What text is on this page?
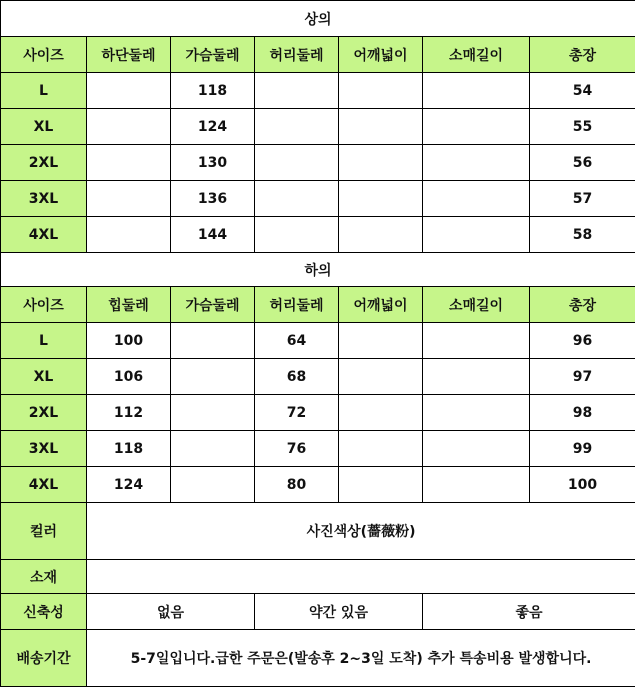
상의						
사이즈	하단둘레	가슴둘레	허리둘레	어깨넓이	소매길이	총장
L		118				54
XL		124				55
2XL		130				56
3XL		136				57
4XL		144				58
하의						
사이즈	힙둘레	가슴둘레	허리둘레	어깨넓이	소매길이	총장
L	100		64			96
XL	106		68			97
2XL	112		72			98
3XL	118		76			99
4XL	124		80			100
컬러	사진색상(薔薇粉)					
소재						
신축성	없음		약간 있음		좋음	
배송기간	5-7일입니다.급한 주문은(발송후 2~3일 도착) 추가 특송비용 발생합니다.					
